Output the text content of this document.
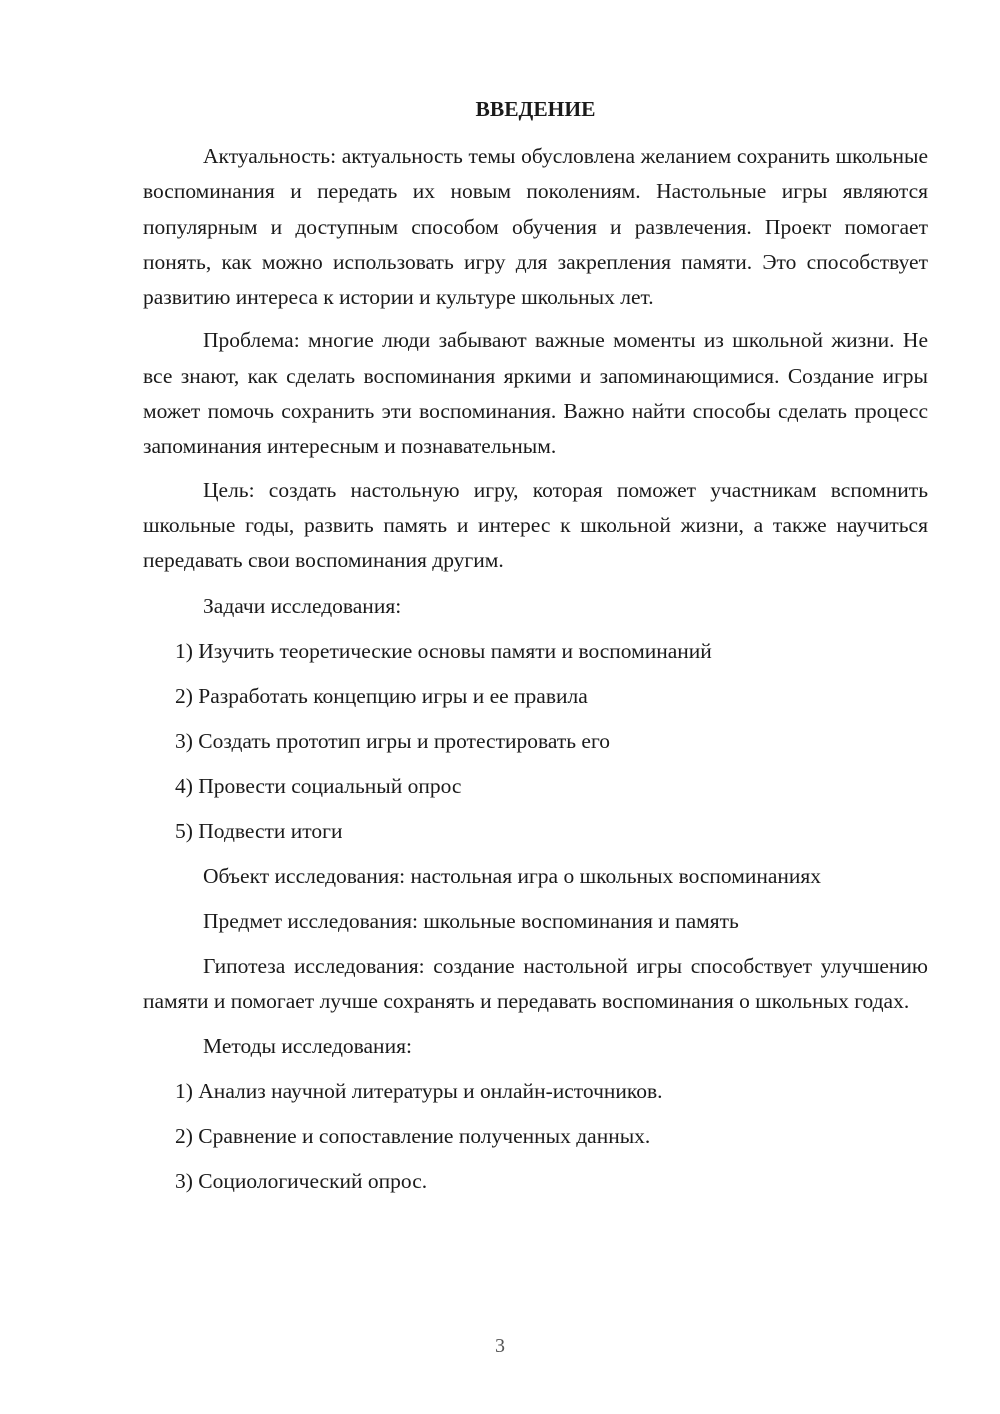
ВВЕДЕНИЕ

Актуальность: актуальность темы обусловлена желанием сохранить школьные воспоминания и передать их новым поколениям. Настольные игры являются популярным и доступным способом обучения и развлечения. Проект помогает понять, как можно использовать игру для закрепления памяти. Это способствует развитию интереса к истории и культуре школьных лет.

Проблема: многие люди забывают важные моменты из школьной жизни. Не все знают, как сделать воспоминания яркими и запоминающимися. Создание игры может помочь сохранить эти воспоминания. Важно найти способы сделать процесс запоминания интересным и познавательным.

Цель: создать настольную игру, которая поможет участникам вспомнить школьные годы, развить память и интерес к школьной жизни, а также научиться передавать свои воспоминания другим.

Задачи исследования:

1) Изучить теоретические основы памяти и воспоминаний

2) Разработать концепцию игры и ее правила

3) Создать прототип игры и протестировать его

4) Провести социальный опрос

5) Подвести итоги

Объект исследования: настольная игра о школьных воспоминаниях

Предмет исследования: школьные воспоминания и память

Гипотеза исследования: создание настольной игры способствует улучшению памяти и помогает лучше сохранять и передавать воспоминания о школьных годах.

Методы исследования:

1) Анализ научной литературы и онлайн-источников.

2) Сравнение и сопоставление полученных данных.

3) Социологический опрос.

3
